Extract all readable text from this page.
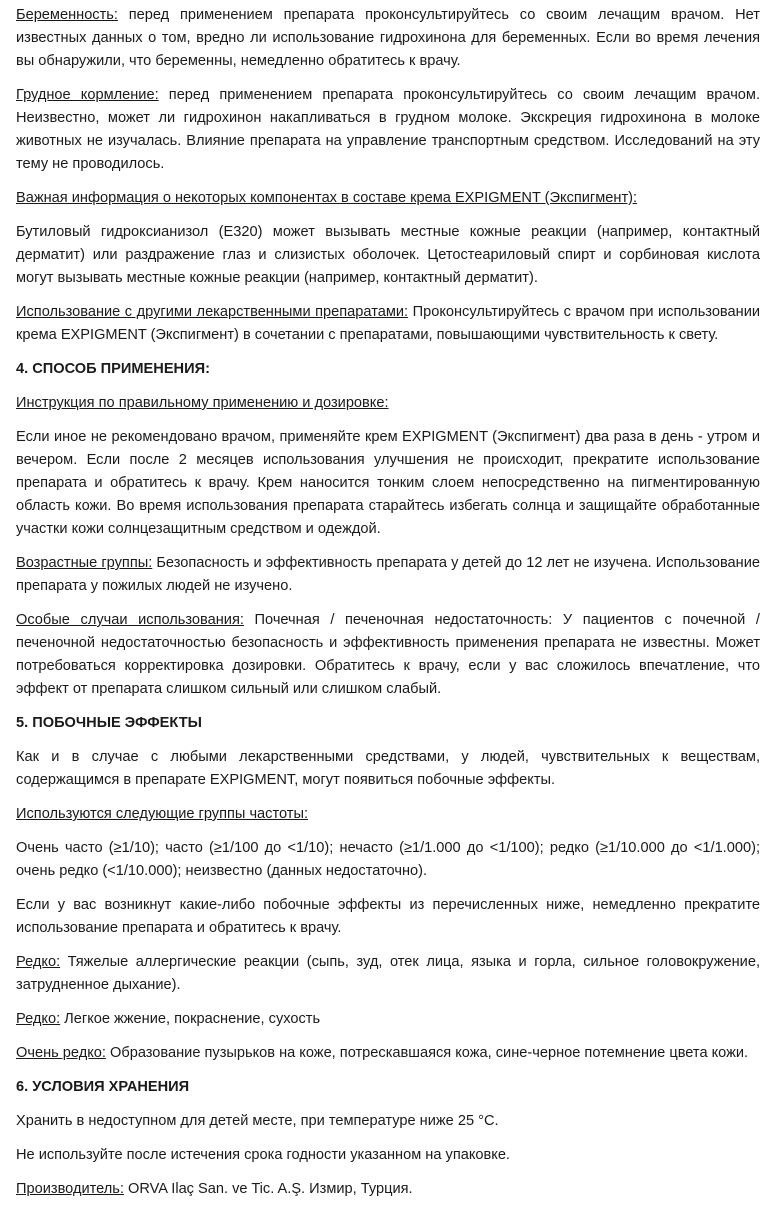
Беременность: перед применением препарата проконсультируйтесь со своим лечащим врачом. Нет известных данных о том, вредно ли использование гидрохинона для беременных. Если во время лечения вы обнаружили, что беременны, немедленно обратитесь к врачу.

Грудное кормление: перед применением препарата проконсультируйтесь со своим лечащим врачом. Неизвестно, может ли гидрохинон накапливаться в грудном молоке. Экскреция гидрохинона в молоке животных не изучалась. Влияние препарата на управление транспортным средством. Исследований на эту тему не проводилось.

Важная информация о некоторых компонентах в составе крема EXPIGMENT (Экспигмент):

Бутиловый гидроксианизол (E320) может вызывать местные кожные реакции (например, контактный дерматит) или раздражение глаз и слизистых оболочек. Цетостеариловый спирт и сорбиновая кислота могут вызывать местные кожные реакции (например, контактный дерматит).

Использование с другими лекарственными препаратами: Проконсультируйтесь с врачом при использовании крема EXPIGMENT (Экспигмент) в сочетании с препаратами, повышающими чувствительность к свету.

4. СПОСОБ ПРИМЕНЕНИЯ:

Инструкция по правильному применению и дозировке:

Если иное не рекомендовано врачом, применяйте крем EXPIGMENT (Экспигмент) два раза в день - утром и вечером. Если после 2 месяцев использования улучшения не происходит, прекратите использование препарата и обратитесь к врачу. Крем наносится тонким слоем непосредственно на пигментированную область кожи. Во время использования препарата старайтесь избегать солнца и защищайте обработанные участки кожи солнцезащитным средством и одеждой.

Возрастные группы: Безопасность и эффективность препарата у детей до 12 лет не изучена. Использование препарата у пожилых людей не изучено.

Особые случаи использования: Почечная / печеночная недостаточность: У пациентов с почечной / печеночной недостаточностью безопасность и эффективность применения препарата не известны. Может потребоваться корректировка дозировки. Обратитесь к врачу, если у вас сложилось впечатление, что эффект от препарата слишком сильный или слишком слабый.

5. ПОБОЧНЫЕ ЭФФЕКТЫ

Как и в случае с любыми лекарственными средствами, у людей, чувствительных к веществам, содержащимся в препарате EXPIGMENT, могут появиться побочные эффекты.

Используются следующие группы частоты:

Очень часто (≥1/10); часто (≥1/100 до <1/10); нечасто (≥1/1.000 до <1/100); редко (≥1/10.000 до <1/1.000); очень редко (<1/10.000); неизвестно (данных недостаточно).

Если у вас возникнут какие-либо побочные эффекты из перечисленных ниже, немедленно прекратите использование препарата и обратитесь к врачу.

Редко: Тяжелые аллергические реакции (сыпь, зуд, отек лица, языка и горла, сильное головокружение, затрудненное дыхание).

Редко: Легкое жжение, покраснение, сухость

Очень редко: Образование пузырьков на коже, потрескавшаяся кожа, сине-черное потемнение цвета кожи.

6. УСЛОВИЯ ХРАНЕНИЯ

Хранить в недоступном для детей месте, при температуре ниже 25 °С.

Не используйте после истечения срока годности указанном на упаковке.

Производитель: ORVA Ilaç San. ve Tic. A.Ş. Измир, Турция.
